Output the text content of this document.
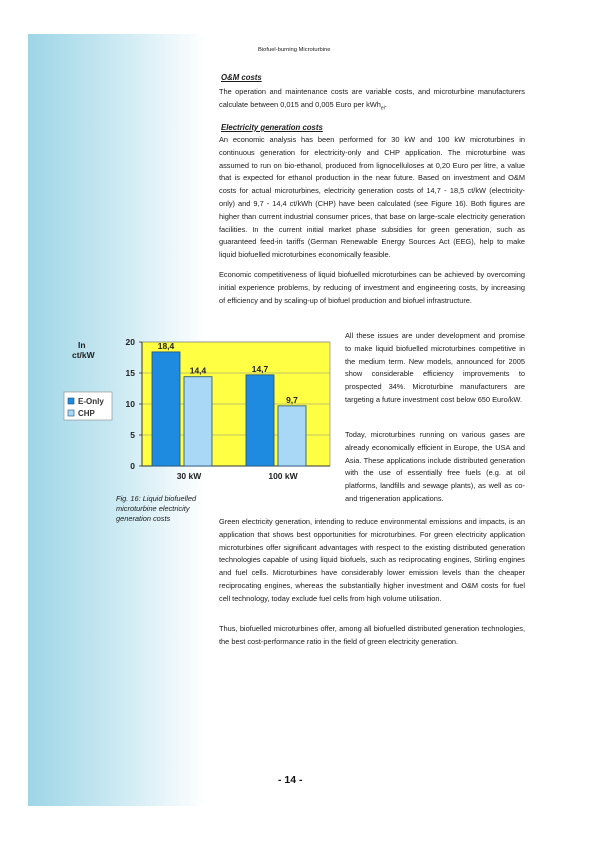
Biofuel-burning Microturbine
O&M costs

The operation and maintenance costs are variable costs, and microturbine manufacturers calculate between 0,015 and 0,005 Euro per kWh$_{el}$.

Electricity generation costs

An economic analysis has been performed for 30 kW and 100 kW microturbines in continuous generation for electricity-only and CHP application. The microturbine was assumed to run on bio-ethanol, produced from lignocelluloses at 0,20 Euro per litre, a value that is expected for ethanol production in the near future. Based on investment and O&M costs for actual microturbines, electricity generation costs of 14,7 - 18,5 ct/kW (electricity-only) and 9,7 - 14,4 ct/kWh (CHP) have been calculated (see Figure 16). Both figures are higher than current industrial consumer prices, that base on large-scale electricity generation facilities. In the current initial market phase subsidies for green generation, such as guaranteed feed-in tariffs (German Renewable Energy Sources Act (EEG), help to make liquid biofuelled microturbines economically feasible.

Economic competitiveness of liquid biofuelled microturbines can be achieved by overcoming initial experience problems, by reducing of investment and engineering costs, by increasing of efficiency and by scaling-up of biofuel production and biofuel infrastructure.

All these issues are under development and promise to make liquid biofuelled microturbines competitive in the medium term. New models, announced for 2005 show considerable efficiency improvements to prospected 34%. Microturbine manufacturers are targeting a future investment cost below 650 Euro/kW.

Today, microturbines running on various gases are already economically efficient in Europe, the USA and Asia. These applications include distributed generation with the use of essentially free fuels (e.g. at oil platforms, landfills and sewage plants), as well as co- and trigeneration applications.

Green electricity generation, intending to reduce environmental emissions and impacts, is an application that shows best opportunities for microturbines. For green electricity application microturbines offer significant advantages with respect to the existing distributed generation technologies capable of using liquid biofuels, such as reciprocating engines, Stirling engines and fuel cells. Microturbines have considerably lower emission levels than the cheaper reciprocating engines, whereas the substantially higher investment and O&M costs for fuel cell technology, today exclude fuel cells from high volume utilisation.

Thus, biofuelled microturbines offer, among all biofuelled distributed generation technologies, the best cost-performance ratio in the field of green electricity generation.

0
5
10
15
20
In
ct/kW
18,4
14,4
30 kW
14,7
9,7
100 kW
E-Only
CHP
Fig. 16: Liquid biofuelled microturbine electricity generation costs
- 14 -
